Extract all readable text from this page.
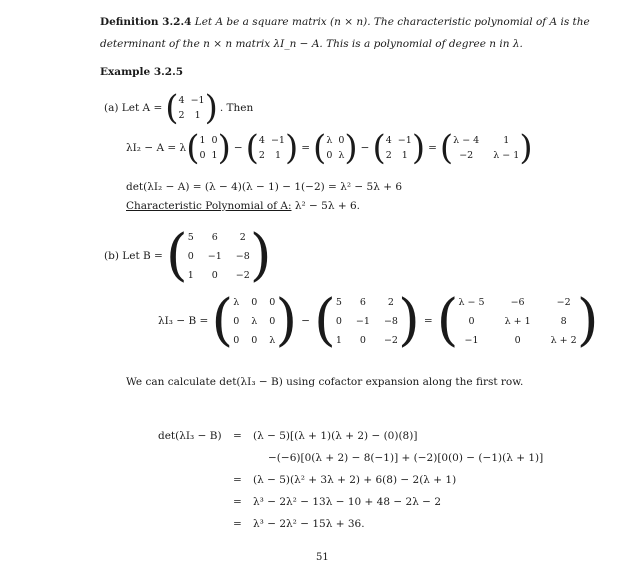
Definition 3.2.4 Let A be a square matrix (n × n). The characteristic polynomial of A is the
determinant of the n × n matrix λI_n − A. This is a polynomial of degree n in λ.
Example 3.2.5
(a) Let A = ( 4 −1
2	1 ) . Then
λI₂ − A = λ ( 1 0
0 1 ) − ( 4 −1
2	1 ) = ( λ 0
0 λ ) − ( 4 −1
2	1 ) = ( λ − 4	1
−2	λ − 1 )
det(λI₂ − A) = (λ − 4)(λ − 1) − 1(−2) = λ² − 5λ + 6
Characteristic Polynomial of A: λ² − 5λ + 6.
(b) Let B = ( 5	6	2
0 −1 −8
1	0	−2 )
λI₃ − B = ( λ 0 0
0 λ 0
0 0 λ ) − ( 5	6	2
0 −1 −8
1	0	−2 ) = ( λ − 5	−6	−2
0	λ + 1	8
−1	0	λ + 2 )
We can calculate det(λI₃ − B) using cofactor expansion along the first row.
det(λI₃ − B) = (λ − 5)[(λ + 1)(λ + 2) − (0)(8)]
−(−6)[0(λ + 2) − 8(−1)] + (−2)[0(0) − (−1)(λ + 1)]
= (λ − 5)(λ² + 3λ + 2) + 6(8) − 2(λ + 1)
= λ³ − 2λ² − 13λ − 10 + 48 − 2λ − 2
= λ³ − 2λ² − 15λ + 36.
51
